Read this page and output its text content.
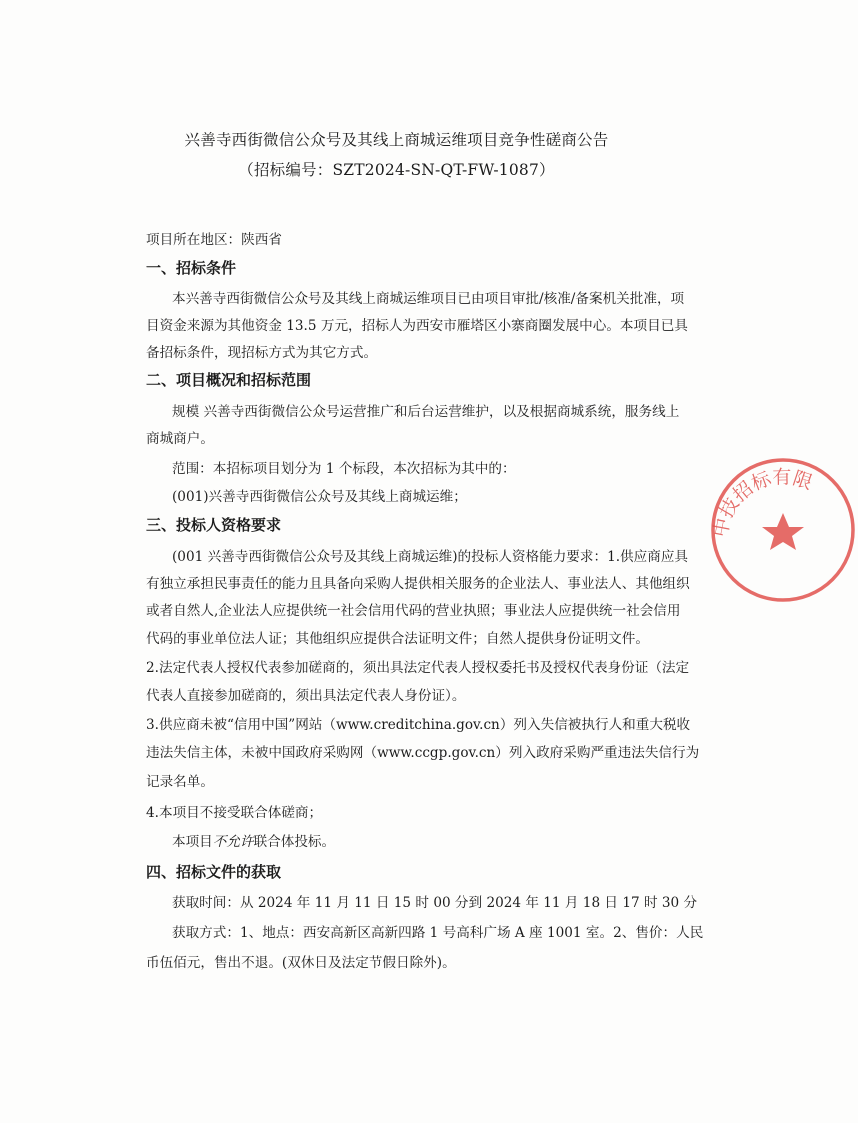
兴善寺西街微信公众号及其线上商城运维项目竞争性磋商公告
（招标编号：SZT2024-SN-QT-FW-1087）
项目所在地区：陕西省
一、招标条件
本兴善寺西街微信公众号及其线上商城运维项目已由项目审批/核准/备案机关批准，项
目资金来源为其他资金 13.5 万元，招标人为西安市雁塔区小寨商圈发展中心。本项目已具
备招标条件，现招标方式为其它方式。
二、项目概况和招标范围
规模 兴善寺西街微信公众号运营推广和后台运营维护，以及根据商城系统，服务线上
商城商户。
范围：本招标项目划分为 1 个标段，本次招标为其中的：
(001)兴善寺西街微信公众号及其线上商城运维；
三、投标人资格要求
(001 兴善寺西街微信公众号及其线上商城运维)的投标人资格能力要求：1.供应商应具
有独立承担民事责任的能力且具备向采购人提供相关服务的企业法人、事业法人、其他组织
或者自然人,企业法人应提供统一社会信用代码的营业执照；事业法人应提供统一社会信用
代码的事业单位法人证；其他组织应提供合法证明文件；自然人提供身份证明文件。
2.法定代表人授权代表参加磋商的，须出具法定代表人授权委托书及授权代表身份证（法定
代表人直接参加磋商的，须出具法定代表人身份证）。
3.供应商未被“信用中国”网站（www.creditchina.gov.cn）列入失信被执行人和重大税收
违法失信主体，未被中国政府采购网（www.ccgp.gov.cn）列入政府采购严重违法失信行为
记录名单。
4.本项目不接受联合体磋商；
本项目不允许联合体投标。
四、招标文件的获取
获取时间：从 2024 年 11 月 11 日 15 时 00 分到 2024 年 11 月 18 日 17 时 30 分
获取方式：1、地点：西安高新区高新四路 1 号高科广场 A 座 1001 室。2、售价：人民
币伍佰元，售出不退。(双休日及法定节假日除外)。
中技招标有限
